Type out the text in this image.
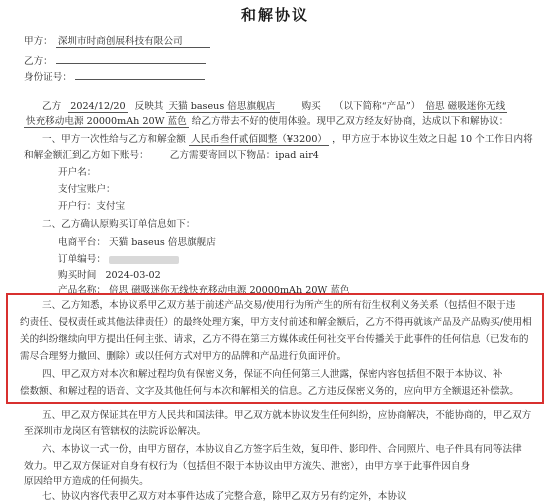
和解协议
甲方： 深圳市时商创展科技有限公司
乙方：
身份证号：
乙方 2024/12/20 反映其 天猫 baseus 倍思旗舰店	购买 （以下简称“产品”） 倍思 磁吸迷你无线
快充移动电源 20000mAh 20W 蓝色 给乙方带去不好的使用体验。现甲乙双方经友好协商，达成以下和解协议：
一、甲方一次性给与乙方和解金额 人民币叁仟贰佰圆整（¥3200） ，甲方应于本协议生效之日起 10 个工作日内将
和解金额汇到乙方如下账号： 乙方需要寄回以下物品：ipad air4
开户名：
支付宝账户：
开户行：支付宝
二、乙方确认原购买订单信息如下：
电商平台： 天猫 baseus 倍思旗舰店
订单编号：
购买时间 2024-03-02
产品名称： 倍思 磁吸迷你无线快充移动电源 20000mAh 20W 蓝色
三、乙方知悉，本协议系甲乙双方基于前述产品交易/使用行为所产生的所有衍生权利义务关系（包括但不限于违
约责任、侵权责任或其他法律责任）的最终处理方案，甲方支付前述和解金额后，乙方不得再就该产品及产品购买/使用相
关的纠纷继续向甲方提出任何主张、请求，乙方不得在第三方媒体或任何社交平台传播关于此事件的任何信息（已发布的
需尽合理努力撤回、删除）或以任何方式对甲方的品牌和产品进行负面评价。
四、甲乙双方对本次和解过程均负有保密义务，保证不向任何第三人泄露，保密内容包括但不限于本协议、补
偿数额、和解过程的语音、文字及其他任何与本次和解相关的信息。乙方违反保密义务的，应向甲方全额退还补偿款。
五、甲乙双方保证其在甲方人民共和国法律。甲乙双方就本协议发生任何纠纷，应协商解决，不能协商的，甲乙双方
至深圳市龙岗区有管辖权的法院诉讼解决。
六、本协议一式一份，由甲方留存，本协议自乙方签字后生效，复印件、影印件、合同照片、电子件具有同等法律
效力。甲乙双方保证对自身有权行为（包括但不限于本协议由甲方流失、泄密），由甲方享于此事件因自身
原因给甲方造成的任何损失。
七、协议内容代表甲乙双方对本事件达成了完整合意，除甲乙双方另有约定外，本协议
